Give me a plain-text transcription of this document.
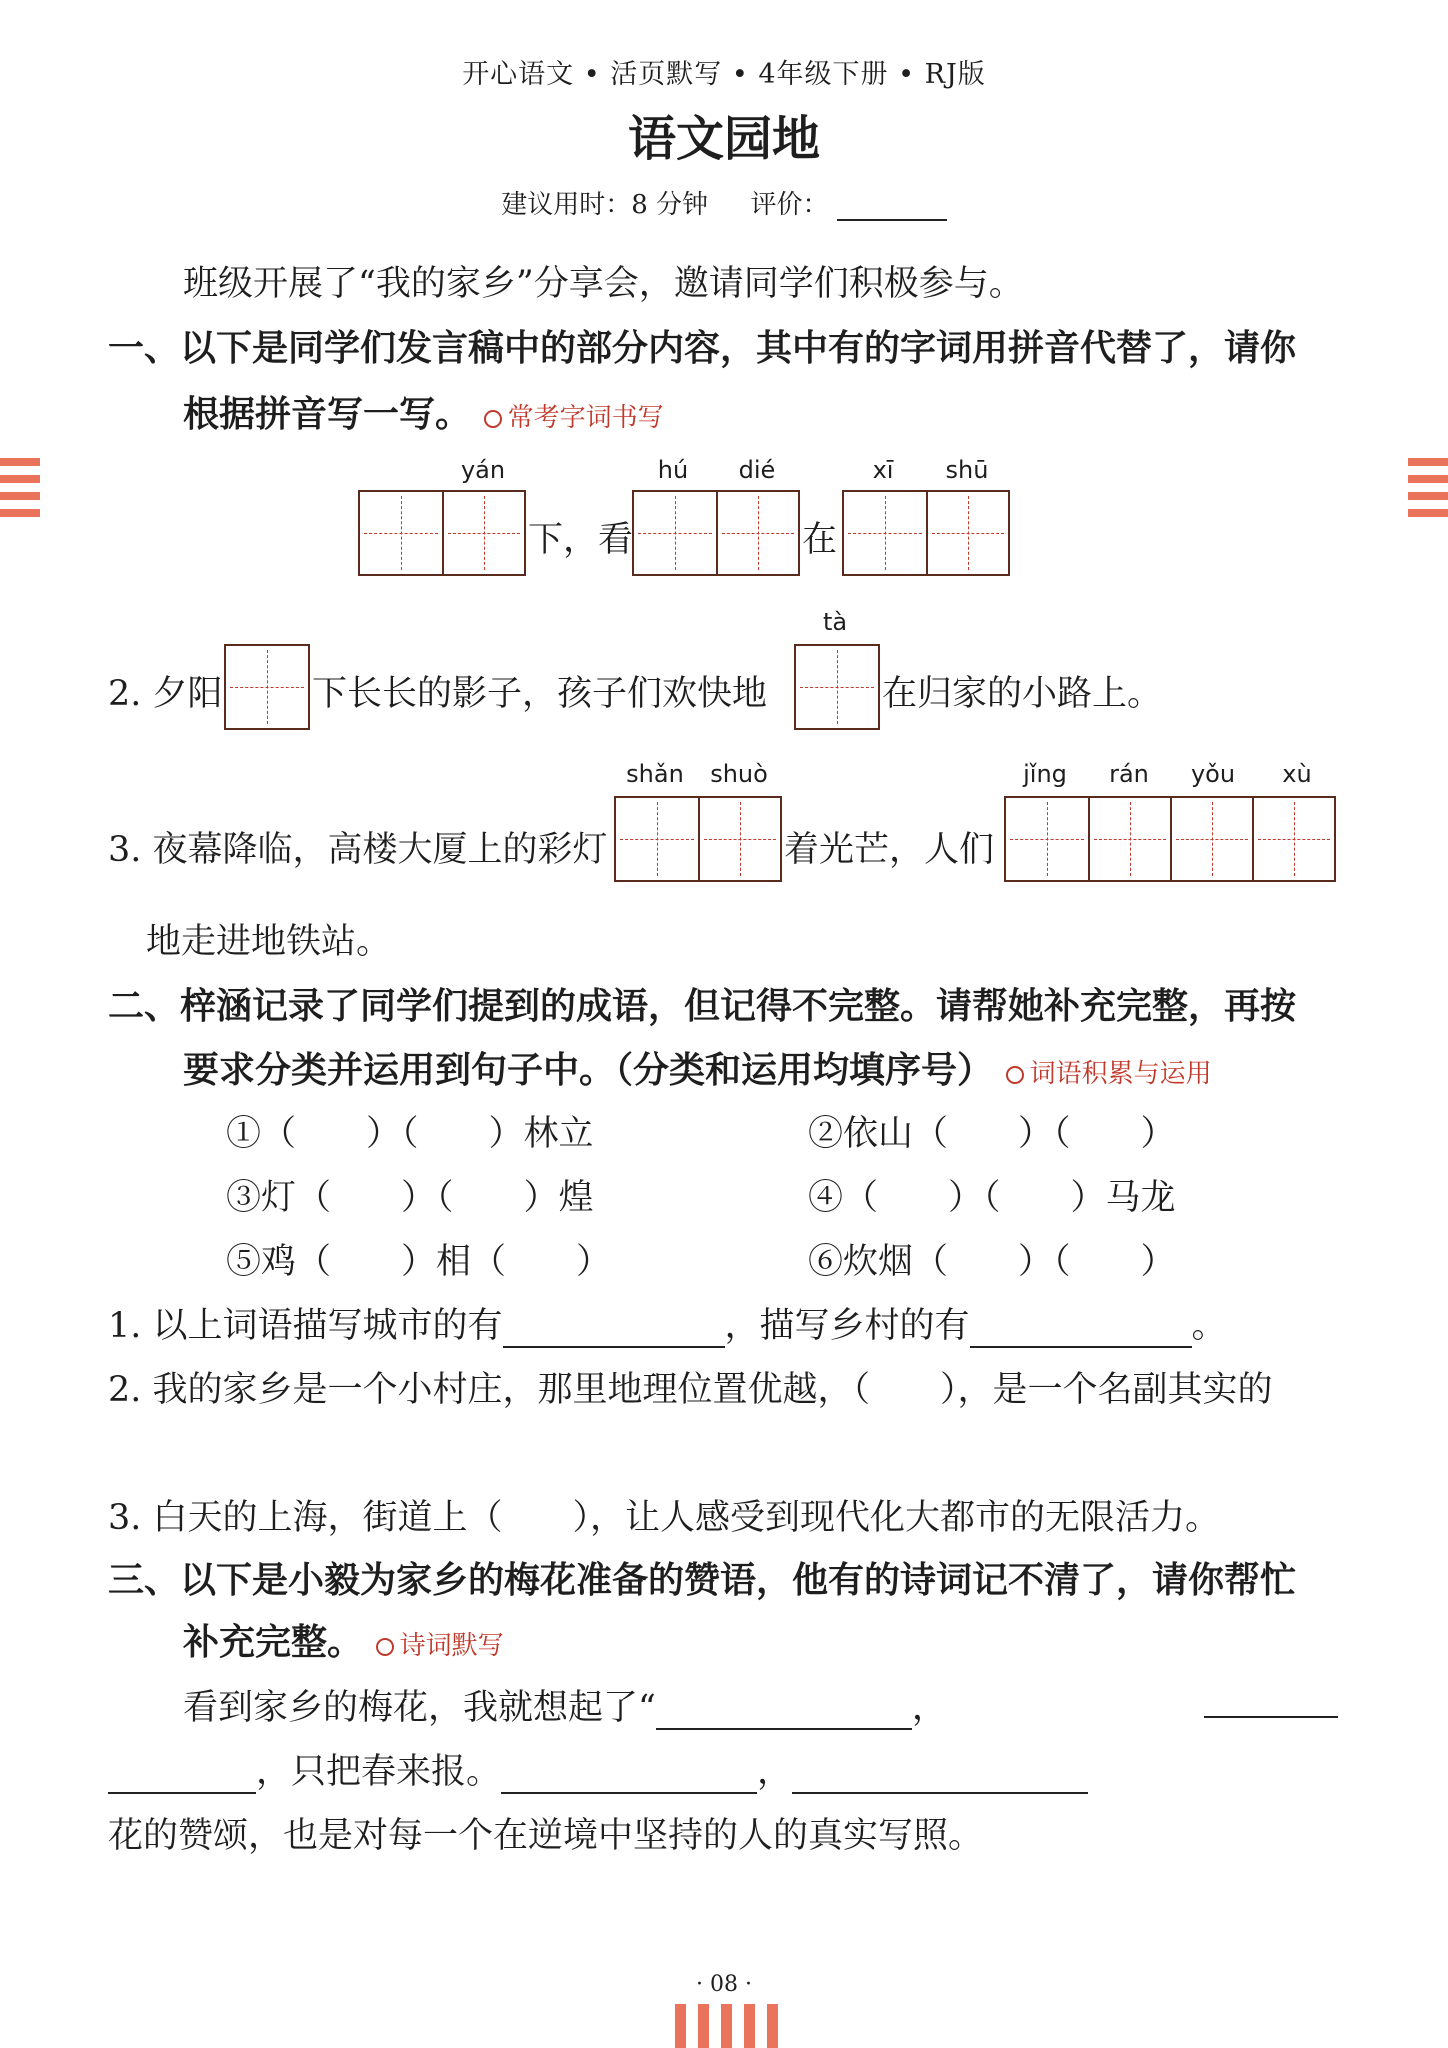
开心语文 • 活页默写 • 4年级下册 • RJ版
语文园地
建议用时：8 分钟 评价：
班级开展了“我的家乡”分享会，邀请同学们积极参与。
一、以下是同学们发言稿中的部分内容，其中有的字词用拼音代替了，请你
根据拼音写一写。 常考字词书写
yán
下，看
hú	dié
在
xī	shū
2. 夕阳	下长长的影子，孩子们欢快地
tà
在归家的小路上。
3. 夜幕降临，高楼大厦上的彩灯
shǎn	shuò
着光芒，人们
jǐng	rán	yǒu	xù
地走进地铁站。
二、梓涵记录了同学们提到的成语，但记得不完整。请帮她补充完整，再按
要求分类并运用到句子中。（分类和运用均填序号） 词语积累与运用
①（　　）（　　）林立	②依山（　　）（　　）
③灯（　　）（　　）煌	④（　　）（　　）马龙
⑤鸡（　　）相（　　）	⑥炊烟（　　）（　　）
1. 以上词语描写城市的有	，描写乡村的有	。
2. 我的家乡是一个小村庄，那里地理位置优越，（　　），是一个名副其实的
3. 白天的上海，街道上（　　），让人感受到现代化大都市的无限活力。
三、以下是小毅为家乡的梅花准备的赞语，他有的诗词记不清了，请你帮忙
补充完整。 诗词默写
看到家乡的梅花，我就想起了“	，
，只把春来报。	，
花的赞颂，也是对每一个在逆境中坚持的人的真实写照。
· 08 ·
